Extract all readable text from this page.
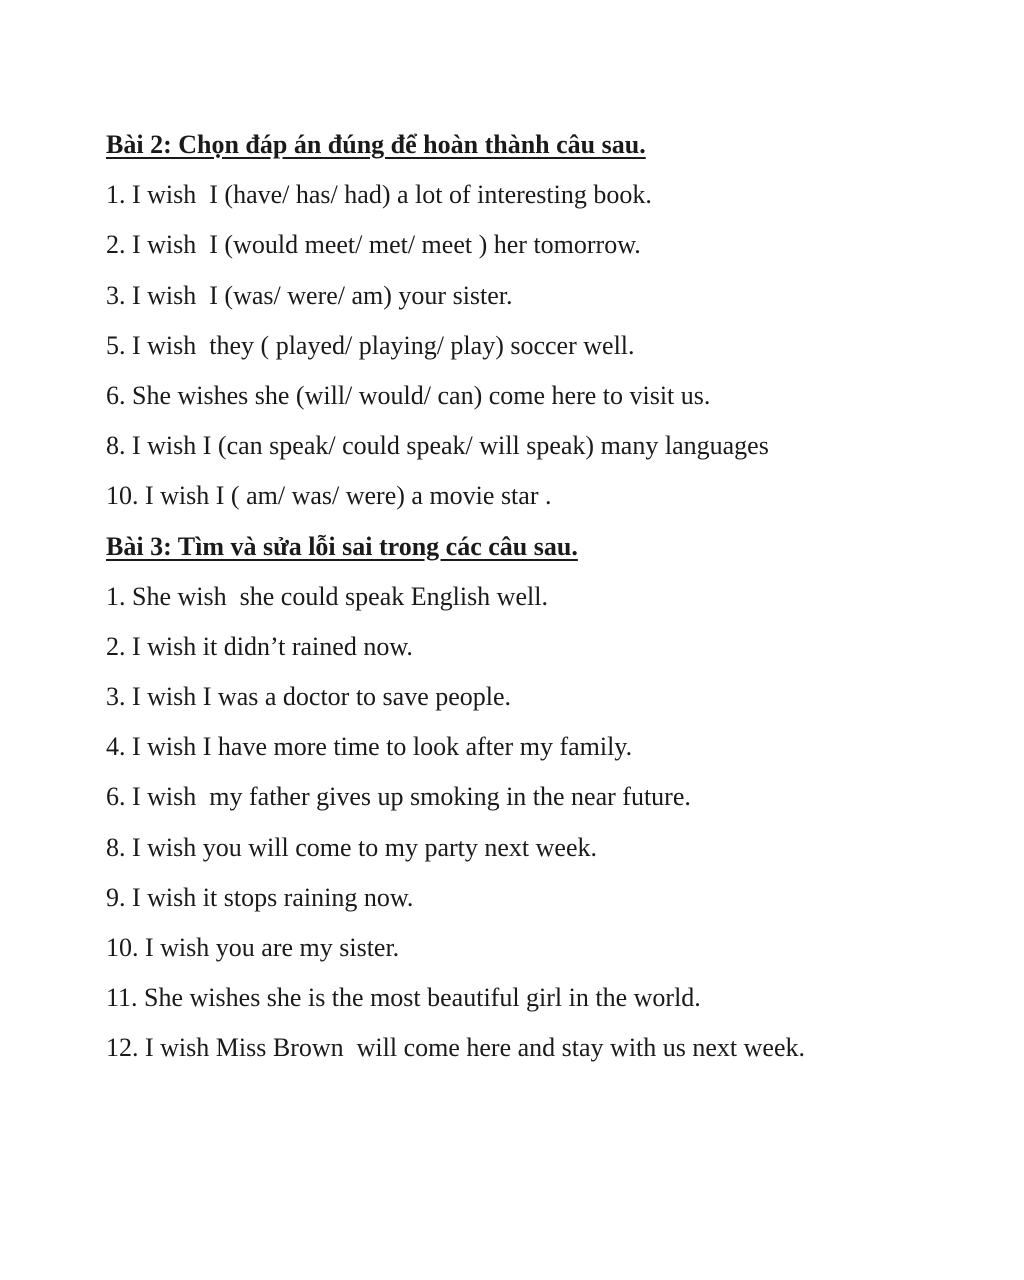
Bài 2: Chọn đáp án đúng để hoàn thành câu sau.
1. I wish  I (have/ has/ had) a lot of interesting book.
2. I wish  I (would meet/ met/ meet ) her tomorrow.
3. I wish  I (was/ were/ am) your sister.
5. I wish  they ( played/ playing/ play) soccer well.
6. She wishes she (will/ would/ can) come here to visit us.
8. I wish I (can speak/ could speak/ will speak) many languages
10. I wish I ( am/ was/ were) a movie star .
Bài 3: Tìm và sửa lỗi sai trong các câu sau.
1. She wish  she could speak English well.
2. I wish it didn’t rained now.
3. I wish I was a doctor to save people.
4. I wish I have more time to look after my family.
6. I wish  my father gives up smoking in the near future.
8. I wish you will come to my party next week.
9. I wish it stops raining now.
10. I wish you are my sister.
11. She wishes she is the most beautiful girl in the world.
12. I wish Miss Brown  will come here and stay with us next week.
